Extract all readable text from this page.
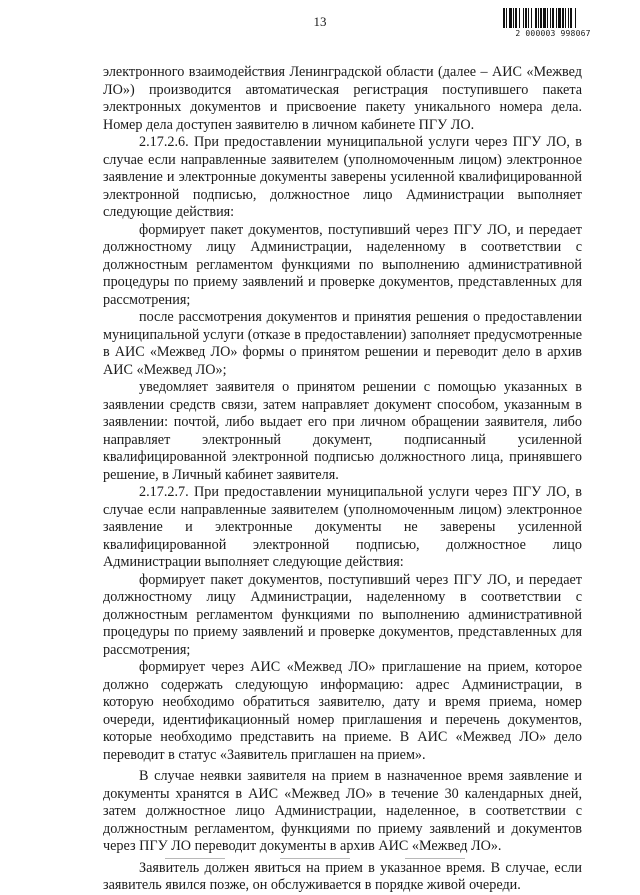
13
2 000003 998067

электронного взаимодействия Ленинградской области (далее – АИС «Межвед ЛО») производится автоматическая регистрация поступившего пакета электронных документов и присвоение пакету уникального номера дела. Номер дела доступен заявителю в личном кабинете ПГУ ЛО.

2.17.2.6. При предоставлении муниципальной услуги через ПГУ ЛО, в случае если направленные заявителем (уполномоченным лицом) электронное заявление и электронные документы заверены усиленной квалифицированной электронной подписью, должностное лицо Администрации выполняет следующие действия:

формирует пакет документов, поступивший через ПГУ ЛО, и передает должностному лицу Администрации, наделенному в соответствии с должностным регламентом функциями по выполнению административной процедуры по приему заявлений и проверке документов, представленных для рассмотрения;

после рассмотрения документов и принятия решения о предоставлении муниципальной услуги (отказе в предоставлении) заполняет предусмотренные в АИС «Межвед ЛО» формы о принятом решении и переводит дело в архив АИС «Межвед ЛО»;

уведомляет заявителя о принятом решении с помощью указанных в заявлении средств связи, затем направляет документ способом, указанным в заявлении: почтой, либо выдает его при личном обращении заявителя, либо направляет электронный документ, подписанный усиленной квалифицированной электронной подписью должностного лица, принявшего решение, в Личный кабинет заявителя.

2.17.2.7. При предоставлении муниципальной услуги через ПГУ ЛО, в случае если направленные заявителем (уполномоченным лицом) электронное заявление и электронные документы не заверены усиленной квалифицированной электронной подписью, должностное лицо Администрации выполняет следующие действия:

формирует пакет документов, поступивший через ПГУ ЛО, и передает должностному лицу Администрации, наделенному в соответствии с должностным регламентом функциями по выполнению административной процедуры по приему заявлений и проверке документов, представленных для рассмотрения;

формирует через АИС «Межвед ЛО» приглашение на прием, которое должно содержать следующую информацию: адрес Администрации, в которую необходимо обратиться заявителю, дату и время приема, номер очереди, идентификационный номер приглашения и перечень документов, которые необходимо представить на приеме. В АИС «Межвед ЛО» дело переводит в статус «Заявитель приглашен на прием».

В случае неявки заявителя на прием в назначенное время заявление и документы хранятся в АИС «Межвед ЛО» в течение 30 календарных дней, затем должностное лицо Администрации, наделенное, в соответствии с должностным регламентом, функциями по приему заявлений и документов через ПГУ ЛО переводит документы в архив АИС «Межвед ЛО».

Заявитель должен явиться на прием в указанное время. В случае, если заявитель явился позже, он обслуживается в порядке живой очереди.
